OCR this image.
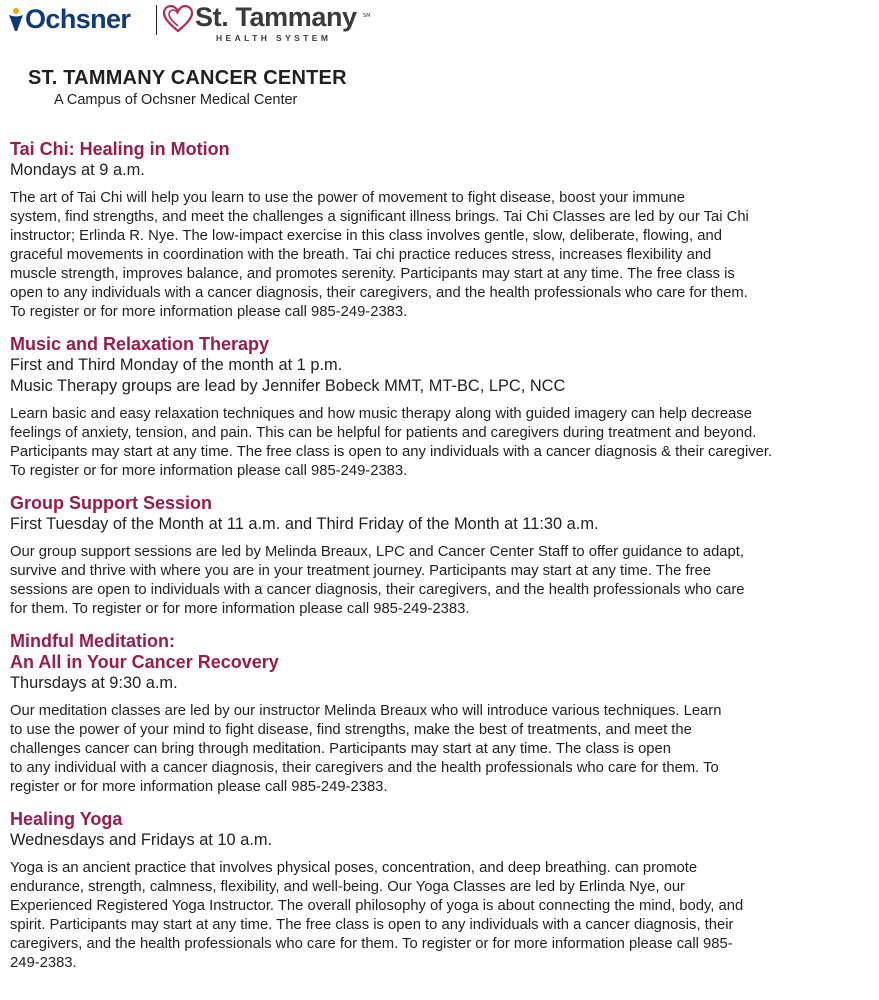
Ochsner St. Tammany SM
HEALTH SYSTEM
ST. TAMMANY CANCER CENTER
A Campus of Ochsner Medical Center
Tai Chi: Healing in Motion
Mondays at 9 a.m.
The art of Tai Chi will help you learn to use the power of movement to fight disease, boost your immune
system, find strengths, and meet the challenges a significant illness brings. Tai Chi Classes are led by our Tai Chi
instructor; Erlinda R. Nye. The low-impact exercise in this class involves gentle, slow, deliberate, flowing, and
graceful movements in coordination with the breath. Tai chi practice reduces stress, increases flexibility and
muscle strength, improves balance, and promotes serenity. Participants may start at any time. The free class is
open to any individuals with a cancer diagnosis, their caregivers, and the health professionals who care for them.
To register or for more information please call 985-249-2383.
Music and Relaxation Therapy
First and Third Monday of the month at 1 p.m.
Music Therapy groups are lead by Jennifer Bobeck MMT, MT-BC, LPC, NCC
Learn basic and easy relaxation techniques and how music therapy along with guided imagery can help decrease
feelings of anxiety, tension, and pain. This can be helpful for patients and caregivers during treatment and beyond.
Participants may start at any time. The free class is open to any individuals with a cancer diagnosis & their caregiver.
To register or for more information please call 985-249-2383.
Group Support Session
First Tuesday of the Month at 11 a.m. and Third Friday of the Month at 11:30 a.m.
Our group support sessions are led by Melinda Breaux, LPC and Cancer Center Staff to offer guidance to adapt,
survive and thrive with where you are in your treatment journey. Participants may start at any time. The free
sessions are open to individuals with a cancer diagnosis, their caregivers, and the health professionals who care
for them. To register or for more information please call 985-249-2383.
Mindful Meditation:
An All in Your Cancer Recovery
Thursdays at 9:30 a.m.
Our meditation classes are led by our instructor Melinda Breaux who will introduce various techniques. Learn
to use the power of your mind to fight disease, find strengths, make the best of treatments, and meet the
challenges cancer can bring through meditation. Participants may start at any time. The class is open
to any individual with a cancer diagnosis, their caregivers and the health professionals who care for them. To
register or for more information please call 985-249-2383.
Healing Yoga
Wednesdays and Fridays at 10 a.m.
Yoga is an ancient practice that involves physical poses, concentration, and deep breathing. can promote
endurance, strength, calmness, flexibility, and well-being. Our Yoga Classes are led by Erlinda Nye, our
Experienced Registered Yoga Instructor. The overall philosophy of yoga is about connecting the mind, body, and
spirit. Participants may start at any time. The free class is open to any individuals with a cancer diagnosis, their
caregivers, and the health professionals who care for them. To register or for more information please call 985-
249-2383.
